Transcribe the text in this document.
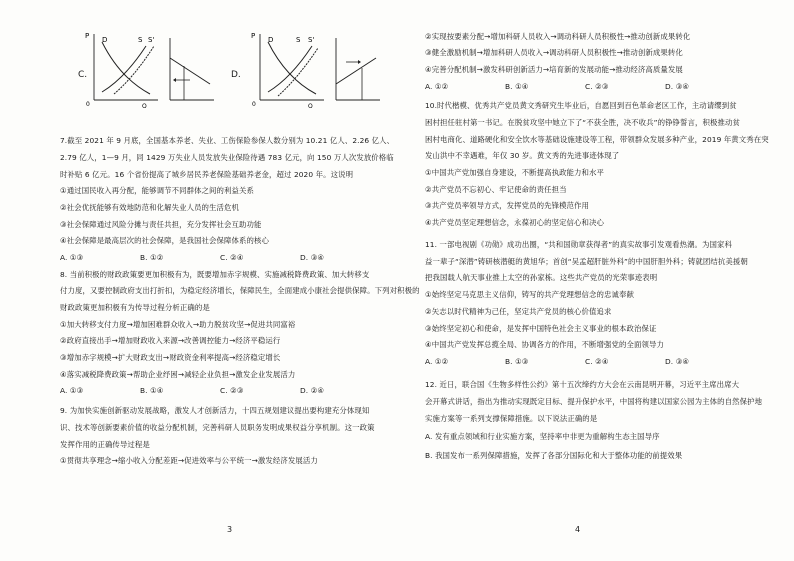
P
Q
D	S S'
0
C.	D.
P
Q
D	S S'
0
7.截至 2021 年 9 月底，全国基本养老、失业、工伤保险参保人数分别为 10.21 亿人、2.26 亿人、
2.79 亿人，1—9 月，同 1429 万失业人员发放失业保险待遇 783 亿元，向 150 万人次发放价格临
时补贴 6 亿元。16 个省份提高了城乡居民养老保险基础养老金，超过 2020 年。这说明
①通过国民收入再分配，能够调节不同群体之间的利益关系
②社会优抚能够有效地防范和化解失业人员的生活危机
③社会保障通过风险分摊与责任共担，充分发挥社会互助功能
④社会保障是最高层次的社会保障，是我国社会保障体系的核心
A. ①③	B. ①②	C. ②④	D. ③④
8. 当前积极的财政政策要更加积极有为，既要增加赤字规模、实施减税降费政策、加大转移支
付力度，又要控制政府支出打折扣，为稳定经济增长，保障民生，全面建成小康社会提供保障。下列对积极的
财政政策更加积极有为传导过程分析正确的是
①加大转移支付力度→增加困难群众收入→助力脱贫攻坚→促进共同富裕
②政府直接出手→增加财政收入来源→改善调控能力→经济平稳运行
③增加赤字规模→扩大财政支出→财政资金利率提高→经济稳定增长
④落实减税降费政策→帮助企业纾困→减轻企业负担→激发企业发展活力
A. ①③	B. ①④	C. ②③	D. ②④
9. 为加快实施创新驱动发展战略，激发人才创新活力，十四五规划建议提出要构建充分体现知
识、技术等创新要素价值的收益分配机制，完善科研人员职务发明成果权益分享机制。这一政策
发挥作用的正确传导过程是
①贯彻共享理念→缩小收入分配差距→促进效率与公平统一→激发经济发展活力
3
②实现按要素分配→增加科研人员收入→调动科研人员积极性→推动创新成果转化
③健全激励机制→增加科研人员收入→调动科研人员积极性→推动创新成果转化
④完善分配机制→激发科研创新活力→培育新的发展动能→推动经济高质量发展
A. ①②	B. ①④	C. ②③	D. ③④
10.时代楷模、优秀共产党员黄文秀研究生毕业后，自愿回到百色革命老区工作，主动请缨到贫
困村担任驻村第一书记。在脱贫攻坚中她立下了“不获全胜，决不收兵”的铮铮誓言，积极推动贫
困村电商化、道路硬化和安全饮水等基础设施建设等工程，带领群众发展多种产业，2019 年黄文秀在突
发山洪中不幸遇难，年仅 30 岁。黄文秀的先进事迹体现了
①中国共产党加强自身建设，不断提高执政能力和水平
②共产党员不忘初心、牢记使命的责任担当
③共产党员率领导方式，发挥党员的先锋模范作用
④共产党员坚定理想信念，永葆初心的坚定信心和决心
11. 一部电视剧《功勋》成功出圈，“共和国勋章获得者”的真实故事引发观看热潮。为国家科
益一辈子“深潜”铸研核潜艇的黄旭华；首创“吴孟超肝脏外科”的中国肝胆外科；铸就团结抗美援朝
把我国载人航天事业推上太空的孙家栋。这些共产党员的光荣事迹表明
①始终坚定马克思主义信仰，铸写的共产党理想信念的忠诚奉献
②矢志以时代精神为己任，坚定共产党员的核心价值追求
③始终坚定初心和使命，是发挥中国特色社会主义事业的根本政治保证
④中国共产党发挥总揽全局、协调各方的作用，不断增强党的全面领导力
A. ①②	B. ①③	C. ②④	D. ③④
12. 近日，联合国《生物多样性公约》第十五次缔约方大会在云南昆明开幕，习近平主席出席大
会开幕式讲话，指出为推动实现既定目标、提升保护水平，中国将构建以国家公园为主体的自然保护地
实施方案等一系列支撑保障措施。以下说法正确的是
A. 发有重点领域和行业实施方案，坚持率中非更为重解构生态主国导序
B. 我国发布一系列保障措施，发挥了各部分国际化和大于整体功能的前提效果
4
